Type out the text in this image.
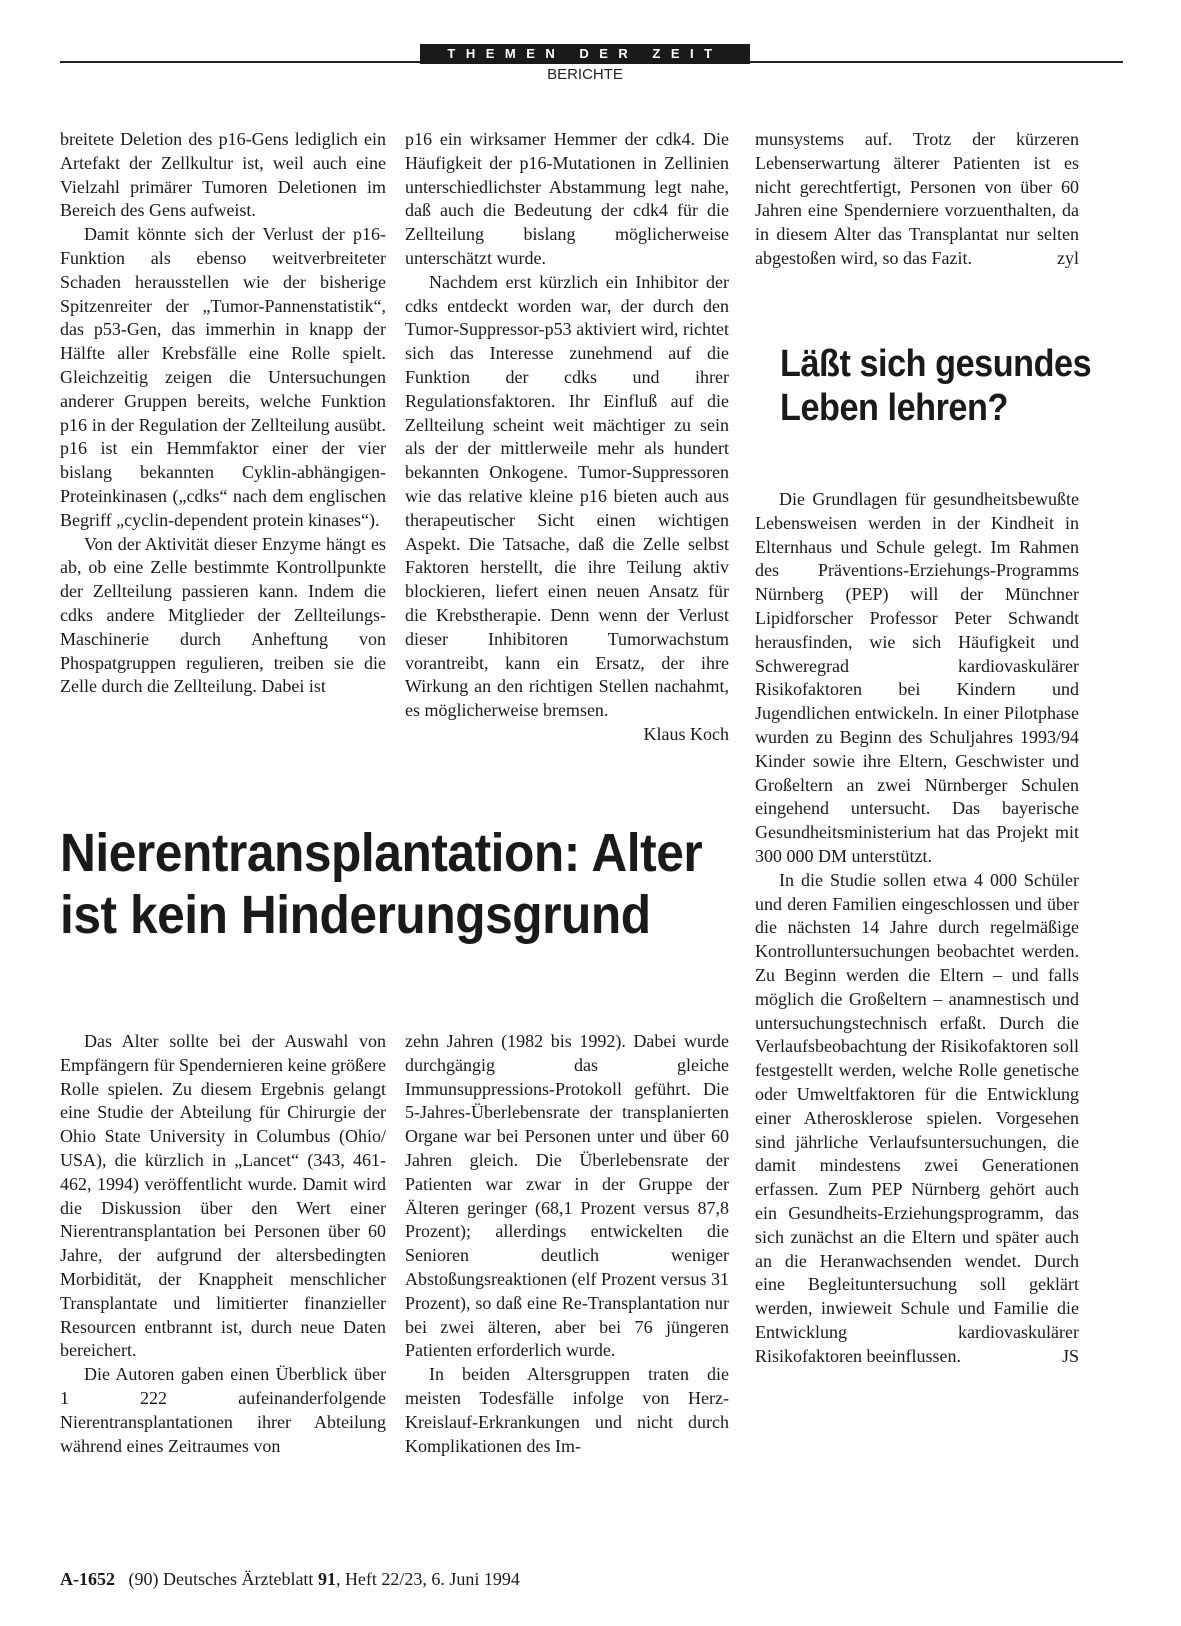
THEMEN DER ZEIT
BERICHTE

breitete Deletion des p16-Gens lediglich ein Artefakt der Zellkultur ist, weil auch eine Vielzahl primärer Tumoren Deletionen im Bereich des Gens aufweist.

Damit könnte sich der Verlust der p16-Funktion als ebenso weitverbreiteter Schaden herausstellen wie der bisherige Spitzenreiter der „Tumor-Pannenstatistik“, das p53-Gen, das immerhin in knapp der Hälfte aller Krebsfälle eine Rolle spielt. Gleichzeitig zeigen die Untersuchungen anderer Gruppen bereits, welche Funktion p16 in der Regulation der Zellteilung ausübt. p16 ist ein Hemmfaktor einer der vier bislang bekannten Cyklin-abhängigen-Proteinkinasen („cdks“ nach dem englischen Begriff „cyclin-dependent protein kinases“).

Von der Aktivität dieser Enzyme hängt es ab, ob eine Zelle bestimmte Kontrollpunkte der Zellteilung passieren kann. Indem die cdks andere Mitglieder der Zellteilungs-Maschinerie durch Anheftung von Phospatgruppen regulieren, treiben sie die Zelle durch die Zellteilung. Dabei ist

p16 ein wirksamer Hemmer der cdk4. Die Häufigkeit der p16-Mutationen in Zellinien unterschiedlichster Abstammung legt nahe, daß auch die Bedeutung der cdk4 für die Zellteilung bislang möglicherweise unterschätzt wurde.

Nachdem erst kürzlich ein Inhibitor der cdks entdeckt worden war, der durch den Tumor-Suppressor-p53 aktiviert wird, richtet sich das Interesse zunehmend auf die Funktion der cdks und ihrer Regulationsfaktoren. Ihr Einfluß auf die Zellteilung scheint weit mächtiger zu sein als der der mittlerweile mehr als hundert bekannten Onkogene. Tumor-Suppressoren wie das relative kleine p16 bieten auch aus therapeutischer Sicht einen wichtigen Aspekt. Die Tatsache, daß die Zelle selbst Faktoren herstellt, die ihre Teilung aktiv blockieren, liefert einen neuen Ansatz für die Krebstherapie. Denn wenn der Verlust dieser Inhibitoren Tumorwachstum vorantreibt, kann ein Ersatz, der ihre Wirkung an den richtigen Stellen nachahmt, es möglicherweise bremsen.
Klaus Koch

munsystems auf. Trotz der kürzeren Lebenserwartung älterer Patienten ist es nicht gerechtfertigt, Personen von über 60 Jahren eine Spenderniere vorzuenthalten, da in diesem Alter das Transplantat nur selten abgestoßen wird, so das Fazit.	zyl

Läßt sich gesundes Leben lehren?

Die Grundlagen für gesundheitsbewußte Lebensweisen werden in der Kindheit in Elternhaus und Schule gelegt. Im Rahmen des Präventions-Erziehungs-Programms Nürnberg (PEP) will der Münchner Lipidforscher Professor Peter Schwandt herausfinden, wie sich Häufigkeit und Schweregrad kardiovaskulärer Risikofaktoren bei Kindern und Jugendlichen entwickeln. In einer Pilotphase wurden zu Beginn des Schuljahres 1993/94 Kinder sowie ihre Eltern, Geschwister und Großeltern an zwei Nürnberger Schulen eingehend untersucht. Das bayerische Gesundheitsministerium hat das Projekt mit 300 000 DM unterstützt.

In die Studie sollen etwa 4 000 Schüler und deren Familien eingeschlossen und über die nächsten 14 Jahre durch regelmäßige Kontrolluntersuchungen beobachtet werden. Zu Beginn werden die Eltern – und falls möglich die Großeltern – anamnestisch und untersuchungstechnisch erfaßt. Durch die Verlaufsbeobachtung der Risikofaktoren soll festgestellt werden, welche Rolle genetische oder Umweltfaktoren für die Entwicklung einer Atherosklerose spielen. Vorgesehen sind jährliche Verlaufsuntersuchungen, die damit mindestens zwei Generationen erfassen. Zum PEP Nürnberg gehört auch ein Gesundheits-Erziehungsprogramm, das sich zunächst an die Eltern und später auch an die Heranwachsenden wendet. Durch eine Begleituntersuchung soll geklärt werden, inwieweit Schule und Familie die Entwicklung kardiovaskulärer Risikofaktoren beeinflussen.	JS

Nierentransplantation: Alter ist kein Hinderungsgrund

Das Alter sollte bei der Auswahl von Empfängern für Spendernieren keine größere Rolle spielen. Zu diesem Ergebnis gelangt eine Studie der Abteilung für Chirurgie der Ohio State University in Columbus (Ohio/ USA), die kürzlich in „Lancet“ (343, 461-462, 1994) veröffentlicht wurde. Damit wird die Diskussion über den Wert einer Nierentransplantation bei Personen über 60 Jahre, der aufgrund der altersbedingten Morbidität, der Knappheit menschlicher Transplantate und limitierter finanzieller Resourcen entbrannt ist, durch neue Daten bereichert.

Die Autoren gaben einen Überblick über 1 222 aufeinanderfolgende Nierentransplantationen ihrer Abteilung während eines Zeitraumes von

zehn Jahren (1982 bis 1992). Dabei wurde durchgängig das gleiche Immunsuppressions-Protokoll geführt. Die 5-Jahres-Überlebensrate der transplanierten Organe war bei Personen unter und über 60 Jahren gleich. Die Überlebensrate der Patienten war zwar in der Gruppe der Älteren geringer (68,1 Prozent versus 87,8 Prozent); allerdings entwickelten die Senioren deutlich weniger Abstoßungsreaktionen (elf Prozent versus 31 Prozent), so daß eine Re-Transplantation nur bei zwei älteren, aber bei 76 jüngeren Patienten erforderlich wurde.

In beiden Altersgruppen traten die meisten Todesfälle infolge von Herz-Kreislauf-Erkrankungen und nicht durch Komplikationen des Im-

A-1652 (90) Deutsches Ärzteblatt 91, Heft 22/23, 6. Juni 1994
